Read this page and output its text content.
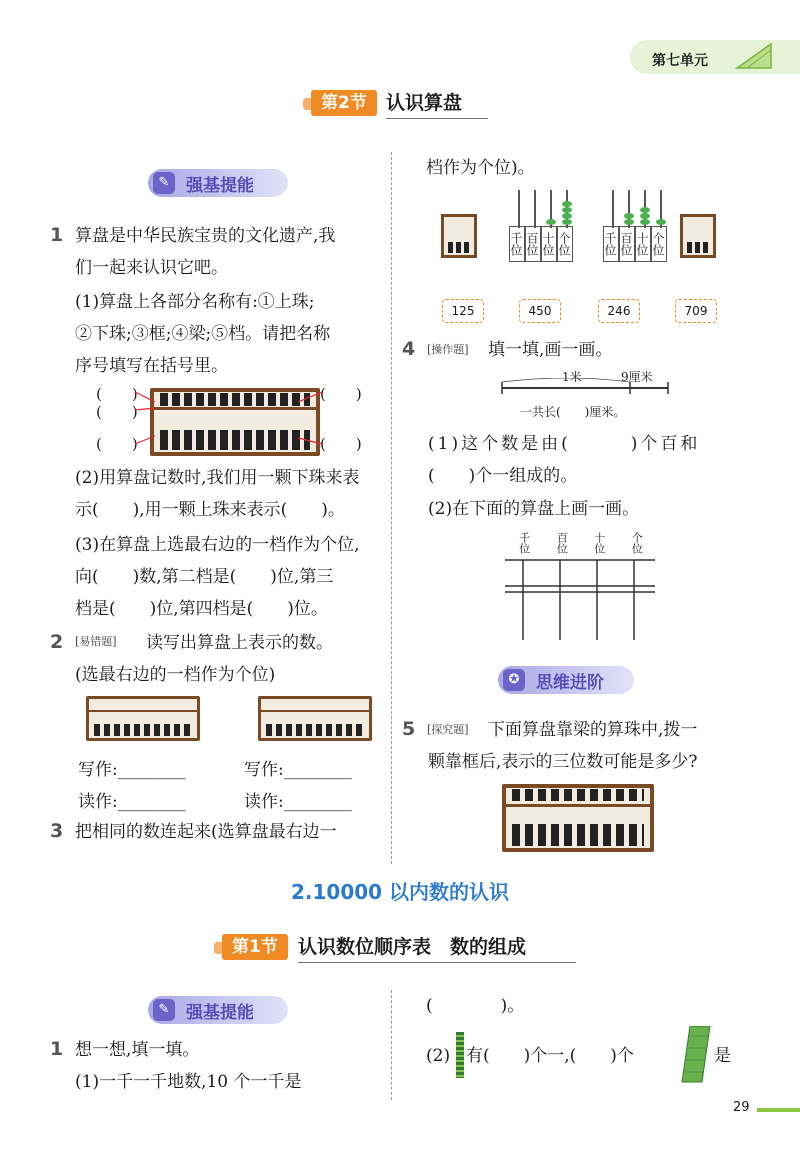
第七单元
第2节	认识算盘
✎ 强基提能
1 算盘是中华民族宝贵的文化遗产,我
们一起来认识它吧。
(1)算盘上各部分名称有:①上珠;
②下珠;③框;④梁;⑤档。请把名称
序号填写在括号里。
(　　)
(　　)
(　　)
(　　)
(　　)
(2)用算盘记数时,我们用一颗下珠来表
示(　　),用一颗上珠来表示(　　)。
(3)在算盘上选最右边的一档作为个位,
向(　　)数,第二档是(　　)位,第三
档是(　　)位,第四档是(　　)位。
2 [易错题] 读写出算盘上表示的数。
(选最右边的一档作为个位)
写作:________	写作:________
读作:________	读作:________
3 把相同的数连起来(选算盘最右边一
档作为个位)。
千位 百位 十位 个位	千位 百位 十位 个位
125	450	246	709
4 [操作题] 填一填,画一画。
1米	9厘米
一共长(　　)厘米。
(1)这个数是由(　　　)个百和
(　　)个一组成的。
(2)在下面的算盘上画一画。
千位 百位 十位 个位
✪ 思维进阶
5 [探究题] 下面算盘靠梁的算珠中,拨一
颗靠框后,表示的三位数可能是多少?
2.10000 以内数的认识
第1节	认识数位顺序表　数的组成
✎ 强基提能
1 想一想,填一填。
(1)一千一千地数,10 个一千是
(　　　　)。
(2) 有(　　)个一,(　　)个	是
29
